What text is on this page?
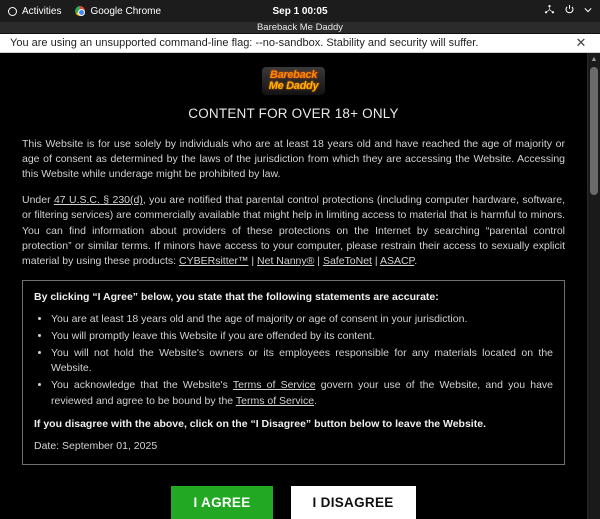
Activities	Google Chrome	Sep 1 00:05
Bareback Me Daddy
You are using an unsupported command-line flag: --no-sandbox. Stability and security will suffer.	✕
Bareback
Me Daddy
CONTENT FOR OVER 18+ ONLY

This Website is for use solely by individuals who are at least 18 years old and have reached the age of majority or age of consent as determined by the laws of the jurisdiction from which they are accessing the Website. Accessing this Website while underage might be prohibited by law.

Under 47 U.S.C. § 230(d), you are notified that parental control protections (including computer hardware, software, or filtering services) are commercially available that might help in limiting access to material that is harmful to minors. You can find information about providers of these protections on the Internet by searching “parental control protection” or similar terms. If minors have access to your computer, please restrain their access to sexually explicit material by using these products: CYBERsitter™ | Net Nanny® | SafeToNet | ASACP.

By clicking “I Agree” below, you state that the following statements are accurate:
• You are at least 18 years old and the age of majority or age of consent in your jurisdiction.
• You will promptly leave this Website if you are offended by its content.
• You will not hold the Website's owners or its employees responsible for any materials located on the Website.
• You acknowledge that the Website's Terms of Service govern your use of the Website, and you have reviewed and agree to be bound by the Terms of Service.
If you disagree with the above, click on the “I Disagree” button below to leave the Website.
Date: September 01, 2025
I AGREE	I DISAGREE
▲
